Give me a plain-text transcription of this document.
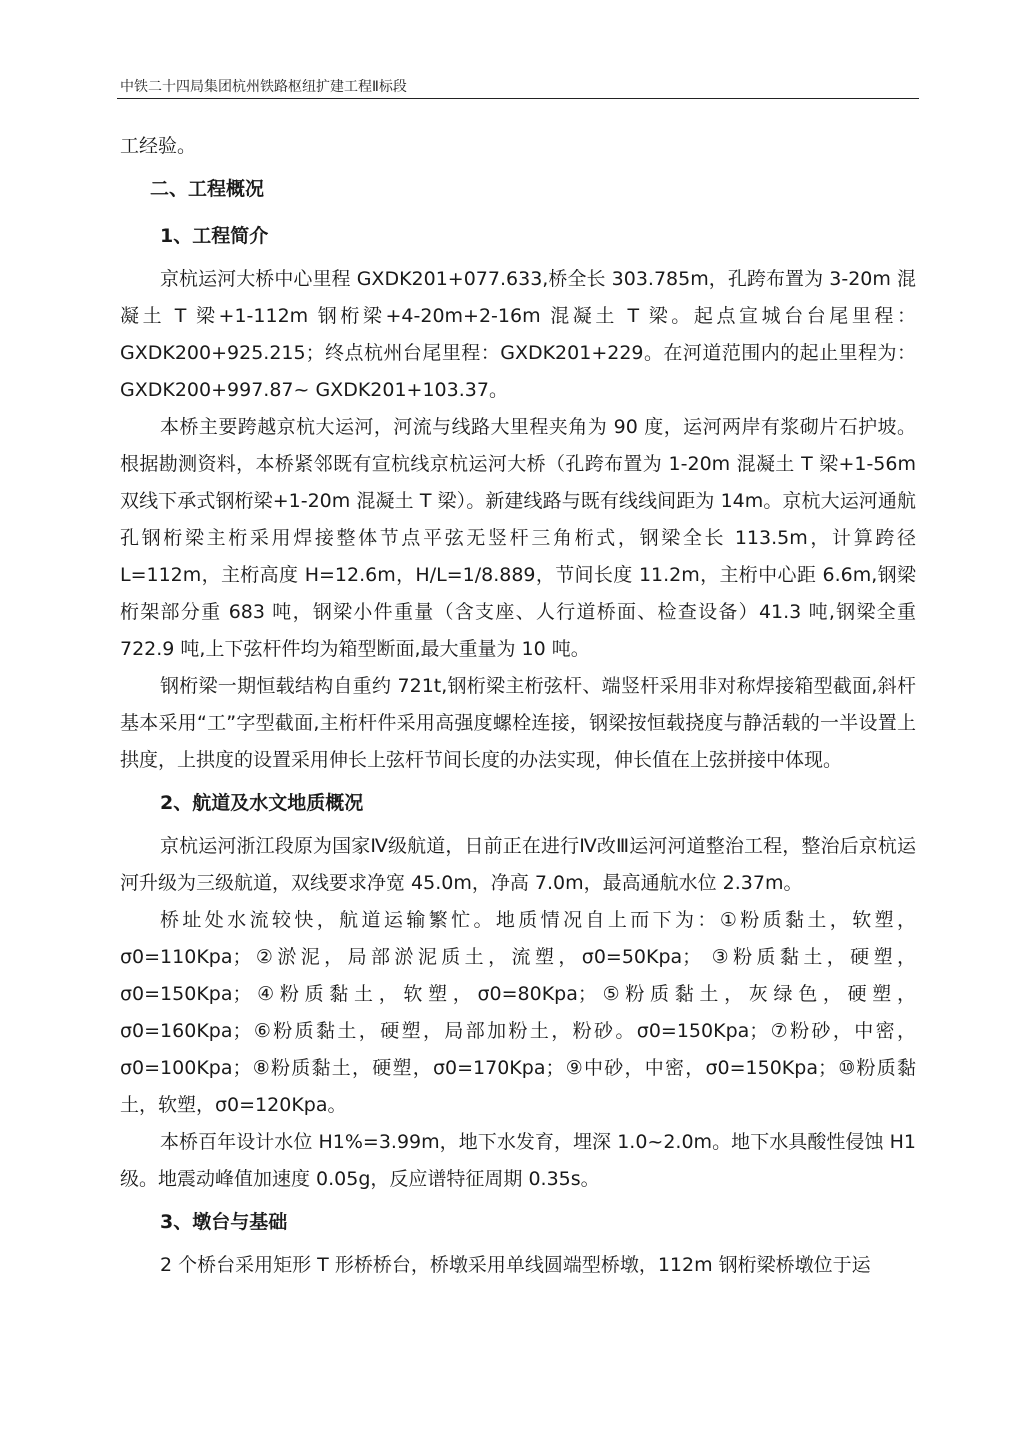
中铁二十四局集团杭州铁路枢纽扩建工程Ⅱ标段

工经验。

二、工程概况

1、工程简介

京杭运河大桥中心里程 GXDK201+077.633,桥全长 303.785m，孔跨布置为 3-20m 混凝土 T 梁+1-112m 钢桁梁+4-20m+2-16m 混凝土 T 梁。起点宣城台台尾里程：GXDK200+925.215；终点杭州台尾里程：GXDK201+229。在河道范围内的起止里程为：GXDK200+997.87~ GXDK201+103.37。

本桥主要跨越京杭大运河，河流与线路大里程夹角为 90 度，运河两岸有浆砌片石护坡。根据勘测资料，本桥紧邻既有宣杭线京杭运河大桥（孔跨布置为 1-20m 混凝土 T 梁+1-56m 双线下承式钢桁梁+1-20m 混凝土 T 梁）。新建线路与既有线线间距为 14m。京杭大运河通航孔钢桁梁主桁采用焊接整体节点平弦无竖杆三角桁式，钢梁全长 113.5m，计算跨径 L=112m，主桁高度 H=12.6m，H/L=1/8.889，节间长度 11.2m，主桁中心距 6.6m,钢梁桁架部分重 683 吨，钢梁小件重量（含支座、人行道桥面、检查设备）41.3 吨,钢梁全重 722.9 吨,上下弦杆件均为箱型断面,最大重量为 10 吨。

钢桁梁一期恒载结构自重约 721t,钢桁梁主桁弦杆、端竖杆采用非对称焊接箱型截面,斜杆基本采用“工”字型截面,主桁杆件采用高强度螺栓连接，钢梁按恒载挠度与静活载的一半设置上拱度，上拱度的设置采用伸长上弦杆节间长度的办法实现，伸长值在上弦拼接中体现。

2、航道及水文地质概况

京杭运河浙江段原为国家Ⅳ级航道，日前正在进行Ⅳ改Ⅲ运河河道整治工程，整治后京杭运河升级为三级航道，双线要求净宽 45.0m，净高 7.0m，最高通航水位 2.37m。

桥址处水流较快，航道运输繁忙。地质情况自上而下为：①粉质黏土，软塑，σ0=110Kpa；②淤泥，局部淤泥质土，流塑，σ0=50Kpa； ③粉质黏土，硬塑，σ0=150Kpa；④粉质黏土，软塑，σ0=80Kpa；⑤粉质黏土，灰绿色，硬塑，σ0=160Kpa；⑥粉质黏土，硬塑，局部加粉土，粉砂。σ0=150Kpa；⑦粉砂，中密，σ0=100Kpa；⑧粉质黏土，硬塑，σ0=170Kpa；⑨中砂，中密，σ0=150Kpa；⑩粉质黏土，软塑，σ0=120Kpa。

本桥百年设计水位 H1%=3.99m，地下水发育，埋深 1.0~2.0m。地下水具酸性侵蚀 H1 级。地震动峰值加速度 0.05g，反应谱特征周期 0.35s。

3、墩台与基础

2 个桥台采用矩形 T 形桥桥台，桥墩采用单线圆端型桥墩，112m 钢桁梁桥墩位于运
